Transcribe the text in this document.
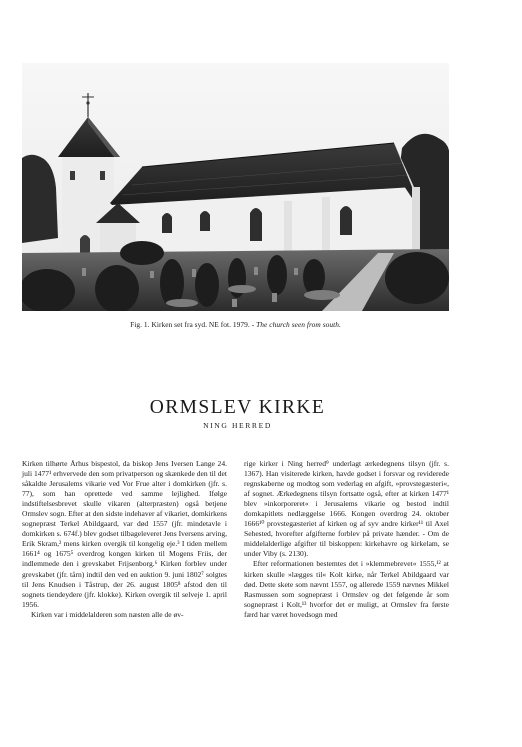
Fig. 1. Kirken set fra syd. NE fot. 1979. - The church seen from south.
ORMSLEV KIRKE
NING HERRED

Kirken tilhørte Århus bispestol, da biskop Jens Iversen Lange 24. juli 1477¹ erhvervede den som privatperson og skænkede den til det såkaldte Jerusalems vikarie ved Vor Frue alter i domkirken (jfr. s. 77), som han oprettede ved samme lejlighed. Ifølge indstiftelsesbrevet skulle vikaren (alterpræsten) også betjene Ormslev sogn. Efter at den sidste indehaver af vikariet, domkirkens sognepræst Terkel Abildgaard, var død 1557 (jfr. mindetavle i domkirken s. 674f.) blev godset tilbageleveret Jens Iversens arving, Erik Skram,² mens kirken overgik til kongelig eje.³ I tiden mellem 1661⁴ og 1675⁵ overdrog kongen kirken til Mogens Friis, der indlemmede den i grevskabet Frijsenborg.⁶ Kirken forblev under grevskabet (jfr. tårn) indtil den ved en auktion 9. juni 1802⁷ solgtes til Jens Knudsen i Tåstrup, der 26. august 1805⁸ afstod den til sognets tiendeydere (jfr. klokke). Kirken overgik til selveje 1. april 1956.

Kirken var i middelalderen som næsten alle de øv-

rige kirker i Ning herred⁹ underlagt ærkedegnens tilsyn (jfr. s. 1367). Han visiterede kirken, havde godset i forsvar og reviderede regnskaberne og modtog som vederlag en afgift, »provstegæsteri«, af sognet. Ærkedegnens tilsyn fortsatte også, efter at kirken 1477¹ blev »inkorporeret« i Jerusalems vikarie og bestod indtil domkapitlets nedlæggelse 1666. Kongen overdrog 24. oktober 1666¹⁰ provstegæsteriet af kirken og af syv andre kirker¹¹ til Axel Sehested, hvorefter afgifterne forblev på private hænder. - Om de middelalderlige afgifter til biskoppen: kirkehavre og kirkelam, se under Viby (s. 2130).

Efter reformationen bestemtes det i »klemmebrevet« 1555,¹² at kirken skulle »lægges til« Kolt kirke, når Terkel Abildgaard var død. Dette skete som nævnt 1557, og allerede 1559 nævnes Mikkel Rasmussen som sognepræst i Ormslev og det følgende år som sognepræst i Kolt,¹³ hvorfor det er muligt, at Ormslev fra første færd har været hovedsogn med
